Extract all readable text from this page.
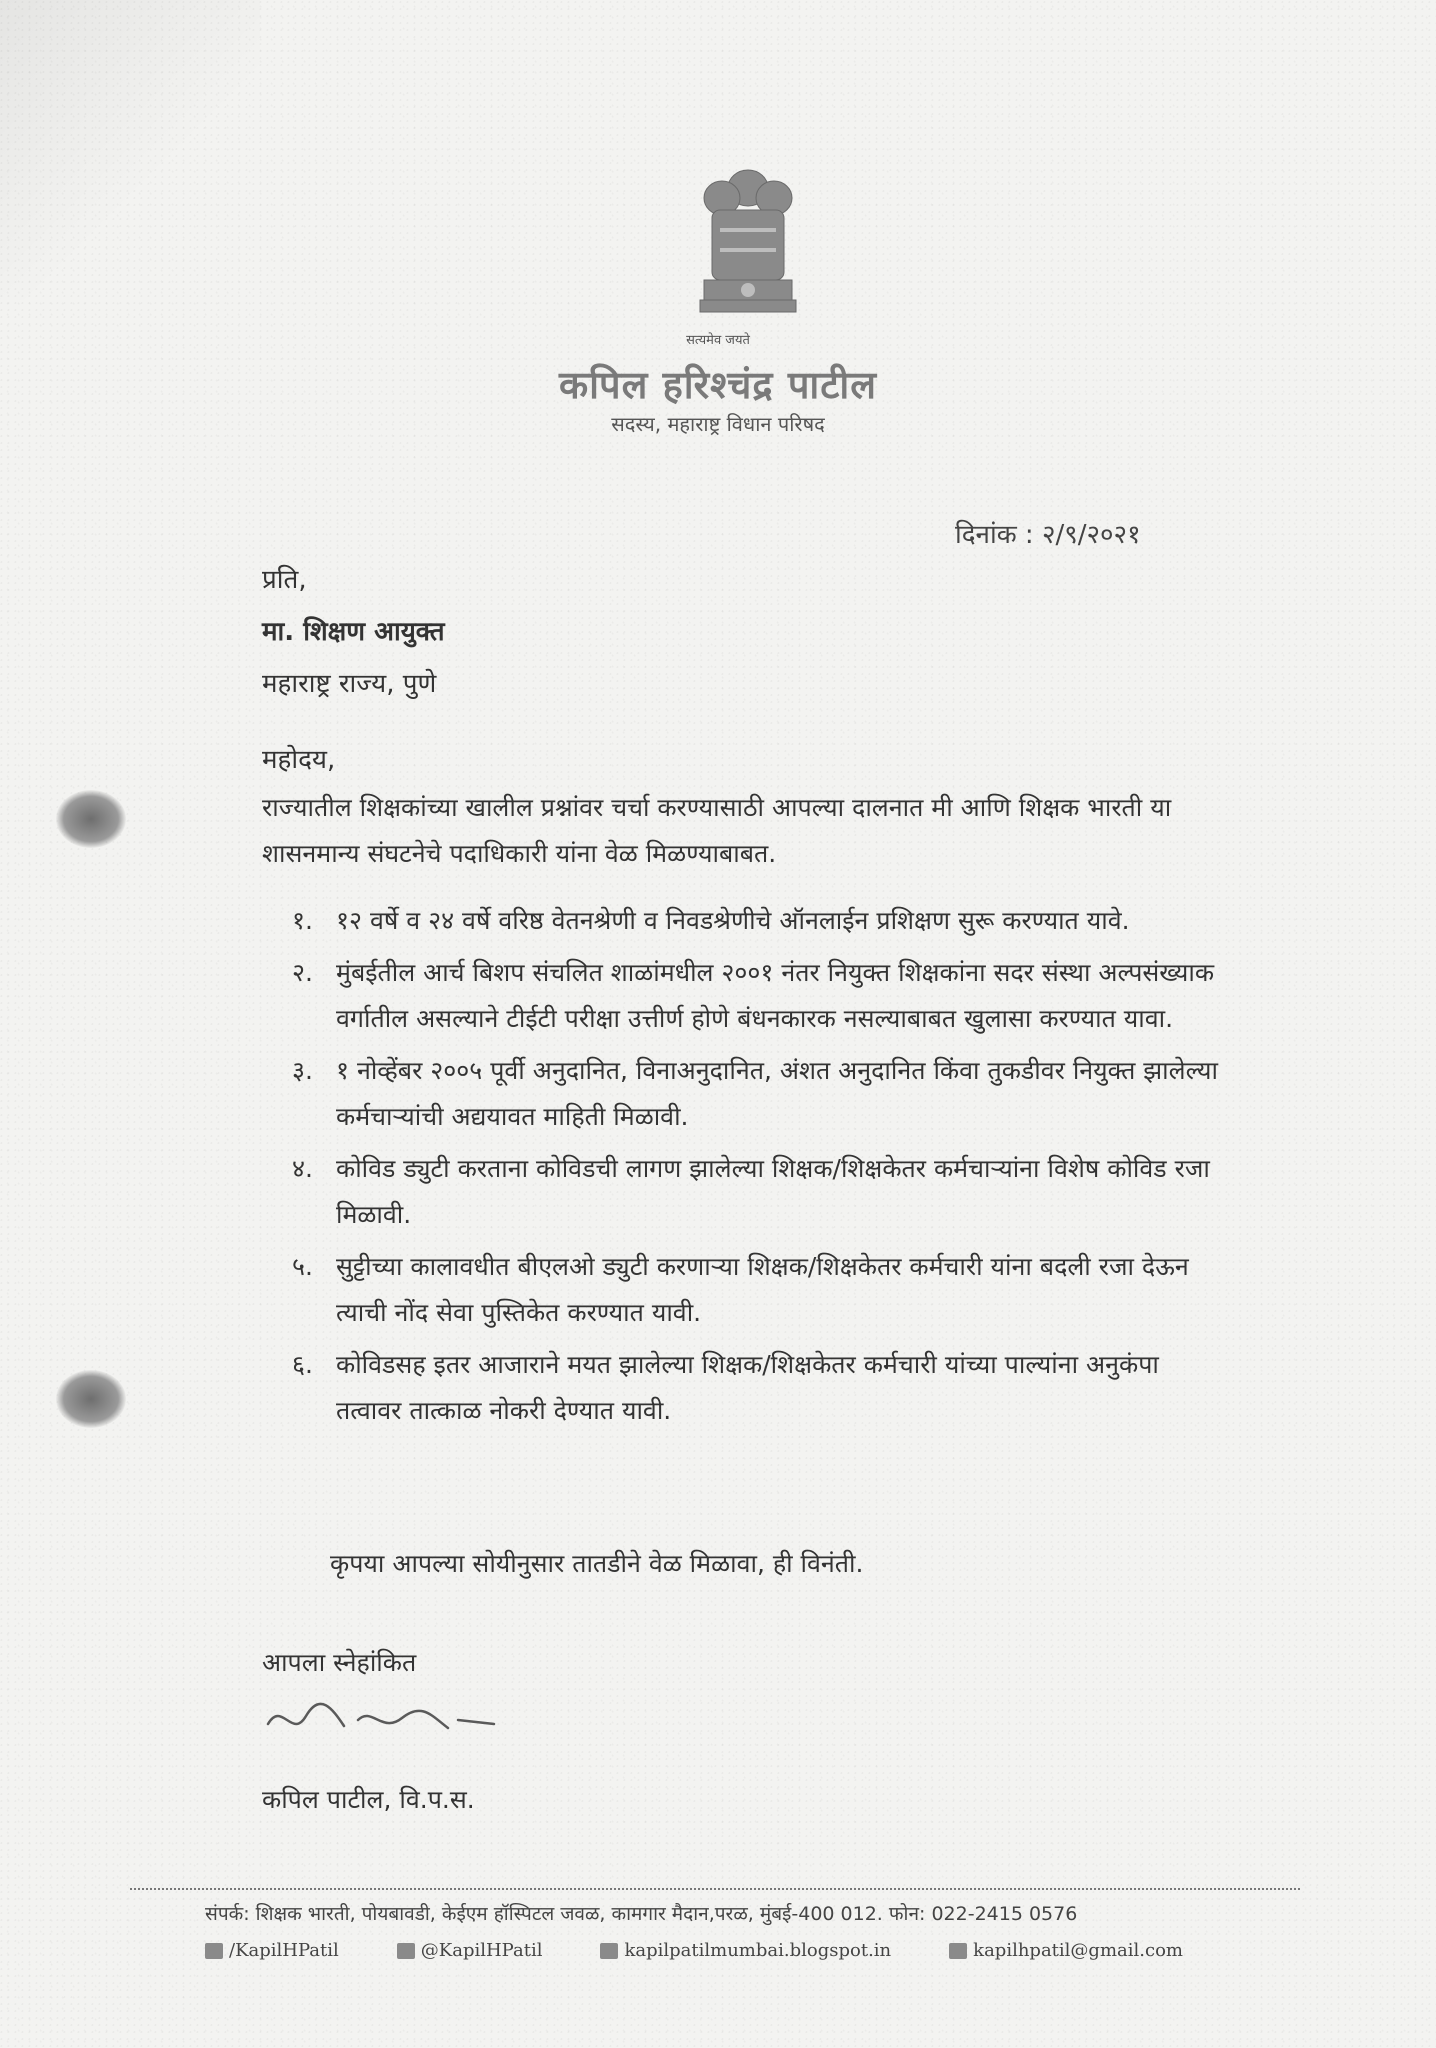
सत्यमेव जयते
कपिल हरिश्चंद्र पाटील
सदस्य, महाराष्ट्र विधान परिषद
दिनांक : २/९/२०२१
प्रति,
मा. शिक्षण आयुक्त
महाराष्ट्र राज्य, पुणे
महोदय,
राज्यातील शिक्षकांच्या खालील प्रश्नांवर चर्चा करण्यासाठी आपल्या दालनात मी आणि शिक्षक भारती या शासनमान्य संघटनेचे पदाधिकारी यांना वेळ मिळण्याबाबत.
१. १२ वर्षे व २४ वर्षे वरिष्ठ वेतनश्रेणी व निवडश्रेणीचे ऑनलाईन प्रशिक्षण सुरू करण्यात यावे.
२. मुंबईतील आर्च बिशप संचलित शाळांमधील २००१ नंतर नियुक्त शिक्षकांना सदर संस्था अल्पसंख्याक वर्गातील असल्याने टीईटी परीक्षा उत्तीर्ण होणे बंधनकारक नसल्याबाबत खुलासा करण्यात यावा.
३. १ नोव्हेंबर २००५ पूर्वी अनुदानित, विनाअनुदानित, अंशत अनुदानित किंवा तुकडीवर नियुक्त झालेल्या कर्मचाऱ्यांची अद्ययावत माहिती मिळावी.
४. कोविड ड्युटी करताना कोविडची लागण झालेल्या शिक्षक/शिक्षकेतर कर्मचाऱ्यांना विशेष कोविड रजा मिळावी.
५. सुट्टीच्या कालावधीत बीएलओ ड्युटी करणाऱ्या शिक्षक/शिक्षकेतर कर्मचारी यांना बदली रजा देऊन त्याची नोंद सेवा पुस्तिकेत करण्यात यावी.
६. कोविडसह इतर आजाराने मयत झालेल्या शिक्षक/शिक्षकेतर कर्मचारी यांच्या पाल्यांना अनुकंपा तत्वावर तात्काळ नोकरी देण्यात यावी.
कृपया आपल्या सोयीनुसार तातडीने वेळ मिळावा, ही विनंती.
आपला स्नेहांकित
कपिल पाटील, वि.प.स.
संपर्क: शिक्षक भारती, पोयबावडी, केईएम हॉस्पिटल जवळ, कामगार मैदान,परळ, मुंबई-400 012. फोन: 022-2415 0576
/KapilHPatil	@KapilHPatil	kapilpatilmumbai.blogspot.in	kapilhpatil@gmail.com
